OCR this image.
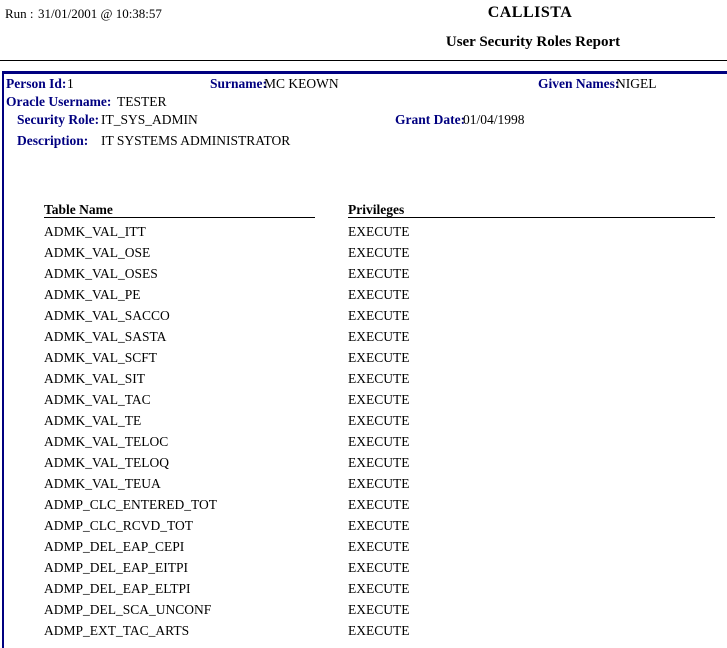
Run : 31/01/2001 @ 10:38:57	CALLISTA
User Security Roles Report
Person Id: 1	Surname:
MC KEOWN	Given Names:
NIGEL
Oracle Username: TESTER
Security Role: IT_SYS_ADMIN	Grant Date:
01/04/1998
Description: IT SYSTEMS ADMINISTRATOR
Table Name	Privileges
ADMK_VAL_ITT	EXECUTE
ADMK_VAL_OSE	EXECUTE
ADMK_VAL_OSES	EXECUTE
ADMK_VAL_PE	EXECUTE
ADMK_VAL_SACCO	EXECUTE
ADMK_VAL_SASTA	EXECUTE
ADMK_VAL_SCFT	EXECUTE
ADMK_VAL_SIT	EXECUTE
ADMK_VAL_TAC	EXECUTE
ADMK_VAL_TE	EXECUTE
ADMK_VAL_TELOC	EXECUTE
ADMK_VAL_TELOQ	EXECUTE
ADMK_VAL_TEUA	EXECUTE
ADMP_CLC_ENTERED_TOT	EXECUTE
ADMP_CLC_RCVD_TOT	EXECUTE
ADMP_DEL_EAP_CEPI	EXECUTE
ADMP_DEL_EAP_EITPI	EXECUTE
ADMP_DEL_EAP_ELTPI	EXECUTE
ADMP_DEL_SCA_UNCONF	EXECUTE
ADMP_EXT_TAC_ARTS	EXECUTE
